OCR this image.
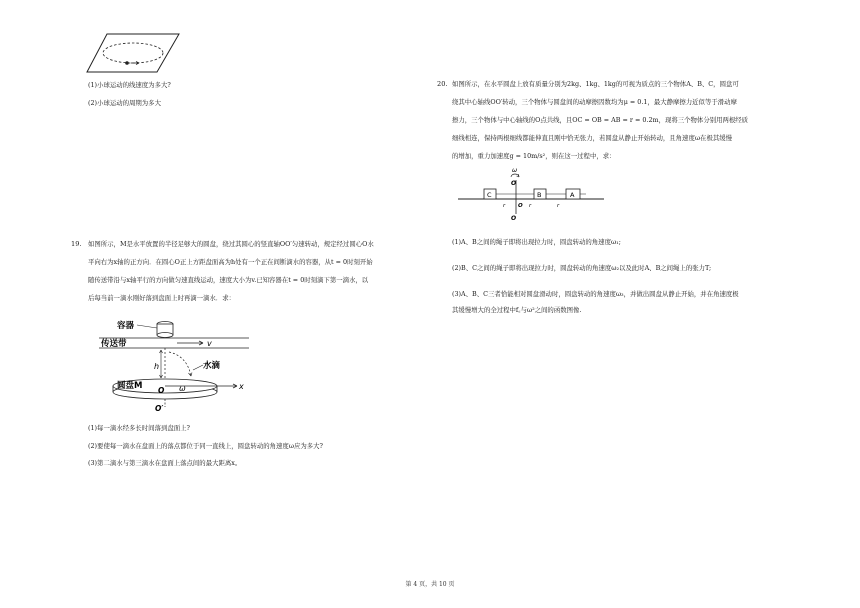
(1)小球运动的线速度为多大?
(2)小球运动的周期为多大
19. 如图所示，M是水平放置的半径足够大的圆盘，绕过其圆心的竖直轴OO′匀速转动，规定经过圆心O水
平向右为x轴的正方向．在圆心O正上方距盘面高为h处有一个正在间断滴水的容器，从t = 0时刻开始
随传送带沿与x轴平行的方向做匀速直线运动，速度大小为v.已知容器在t = 0时刻滴下第一滴水，以
后每当前一滴水刚好落到盘面上时再滴一滴水．求：
容器
传送带	v
h	水滴
圆盘M O ω	x
O′
(1)每一滴水经多长时间落到盘面上?
(2)要使每一滴水在盘面上的落点都位于同一直线上，圆盘转动的角速度ω应为多大?
(3)第二滴水与第三滴水在盘面上落点间的最大距离x。
20. 如图所示，在水平圆盘上放有质量分别为2kg、1kg、1kg的可视为质点的三个物体A、B、C，圆盘可
绕其中心轴线OO′转动，三个物体与圆盘间的动摩擦因数均为μ = 0.1，最大静摩擦力近似等于滑动摩
擦力，三个物体与中心轴线的O点共线，且OC = OB = AB = r = 0.2m，现将三个物体分别用两根经质
细线相连，保持两根细线都能伸直且刚中恰无张力，若圆盘从静止开始转动，且角速度ω在极其缓慢
的增加，重力加速度g = 10m/s²，则在这一过程中，求：
ω
O
C	B	A
r O r	r
O
(1)A、B之间的绳子即将出现拉力时，圆盘转动的角速度ω₁;
(2)B、C之间的绳子即将出现拉力时，圆盘转动的角速度ω₂以及此时A、B之间绳上的张力T;
(3)A、B、C三者恰能相对圆盘滑动时，圆盘转动的角速度ω₃，并做出圆盘从静止开始，并在角速度极
其缓慢增大的全过程中f꜀与ω²之间的函数图像.
第 4 页，共 10 页
